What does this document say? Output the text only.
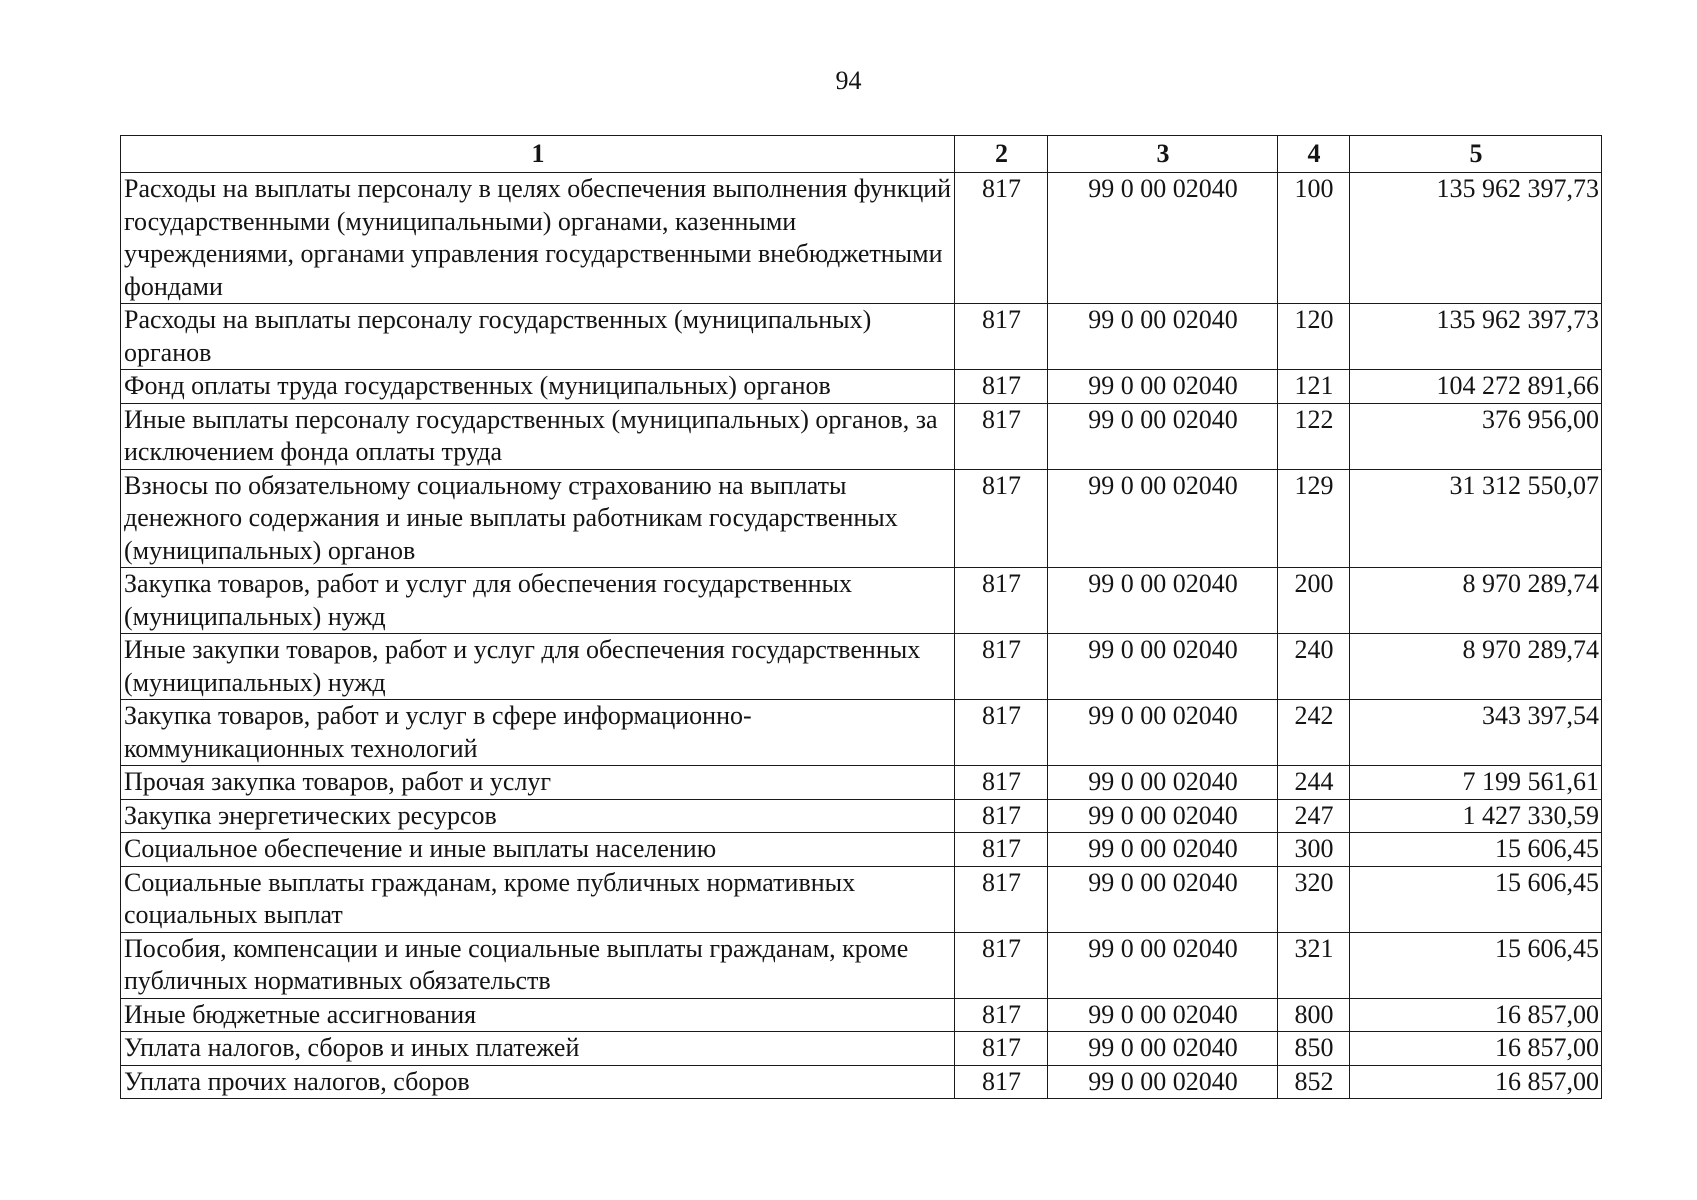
94
1	2	3	4	5
Расходы на выплаты персоналу в целях обеспечения выполнения функций государственными (муниципальными) органами, казенными учреждениями, органами управления государственными внебюджетными фондами	817	99 0 00 02040	100	135 962 397,73
Расходы на выплаты персоналу государственных (муниципальных) органов	817	99 0 00 02040	120	135 962 397,73
Фонд оплаты труда государственных (муниципальных) органов	817	99 0 00 02040	121	104 272 891,66
Иные выплаты персоналу государственных (муниципальных) органов, за исключением фонда оплаты труда	817	99 0 00 02040	122	376 956,00
Взносы по обязательному социальному страхованию на выплаты денежного содержания и иные выплаты работникам государственных (муниципальных) органов	817	99 0 00 02040	129	31 312 550,07
Закупка товаров, работ и услуг для обеспечения государственных (муниципальных) нужд	817	99 0 00 02040	200	8 970 289,74
Иные закупки товаров, работ и услуг для обеспечения государственных (муниципальных) нужд	817	99 0 00 02040	240	8 970 289,74
Закупка товаров, работ и услуг в сфере информационно-коммуникационных технологий	817	99 0 00 02040	242	343 397,54
Прочая закупка товаров, работ и услуг	817	99 0 00 02040	244	7 199 561,61
Закупка энергетических ресурсов	817	99 0 00 02040	247	1 427 330,59
Социальное обеспечение и иные выплаты населению	817	99 0 00 02040	300	15 606,45
Социальные выплаты гражданам, кроме публичных нормативных социальных выплат	817	99 0 00 02040	320	15 606,45
Пособия, компенсации и иные социальные выплаты гражданам, кроме публичных нормативных обязательств	817	99 0 00 02040	321	15 606,45
Иные бюджетные ассигнования	817	99 0 00 02040	800	16 857,00
Уплата налогов, сборов и иных платежей	817	99 0 00 02040	850	16 857,00
Уплата прочих налогов, сборов	817	99 0 00 02040	852	16 857,00
